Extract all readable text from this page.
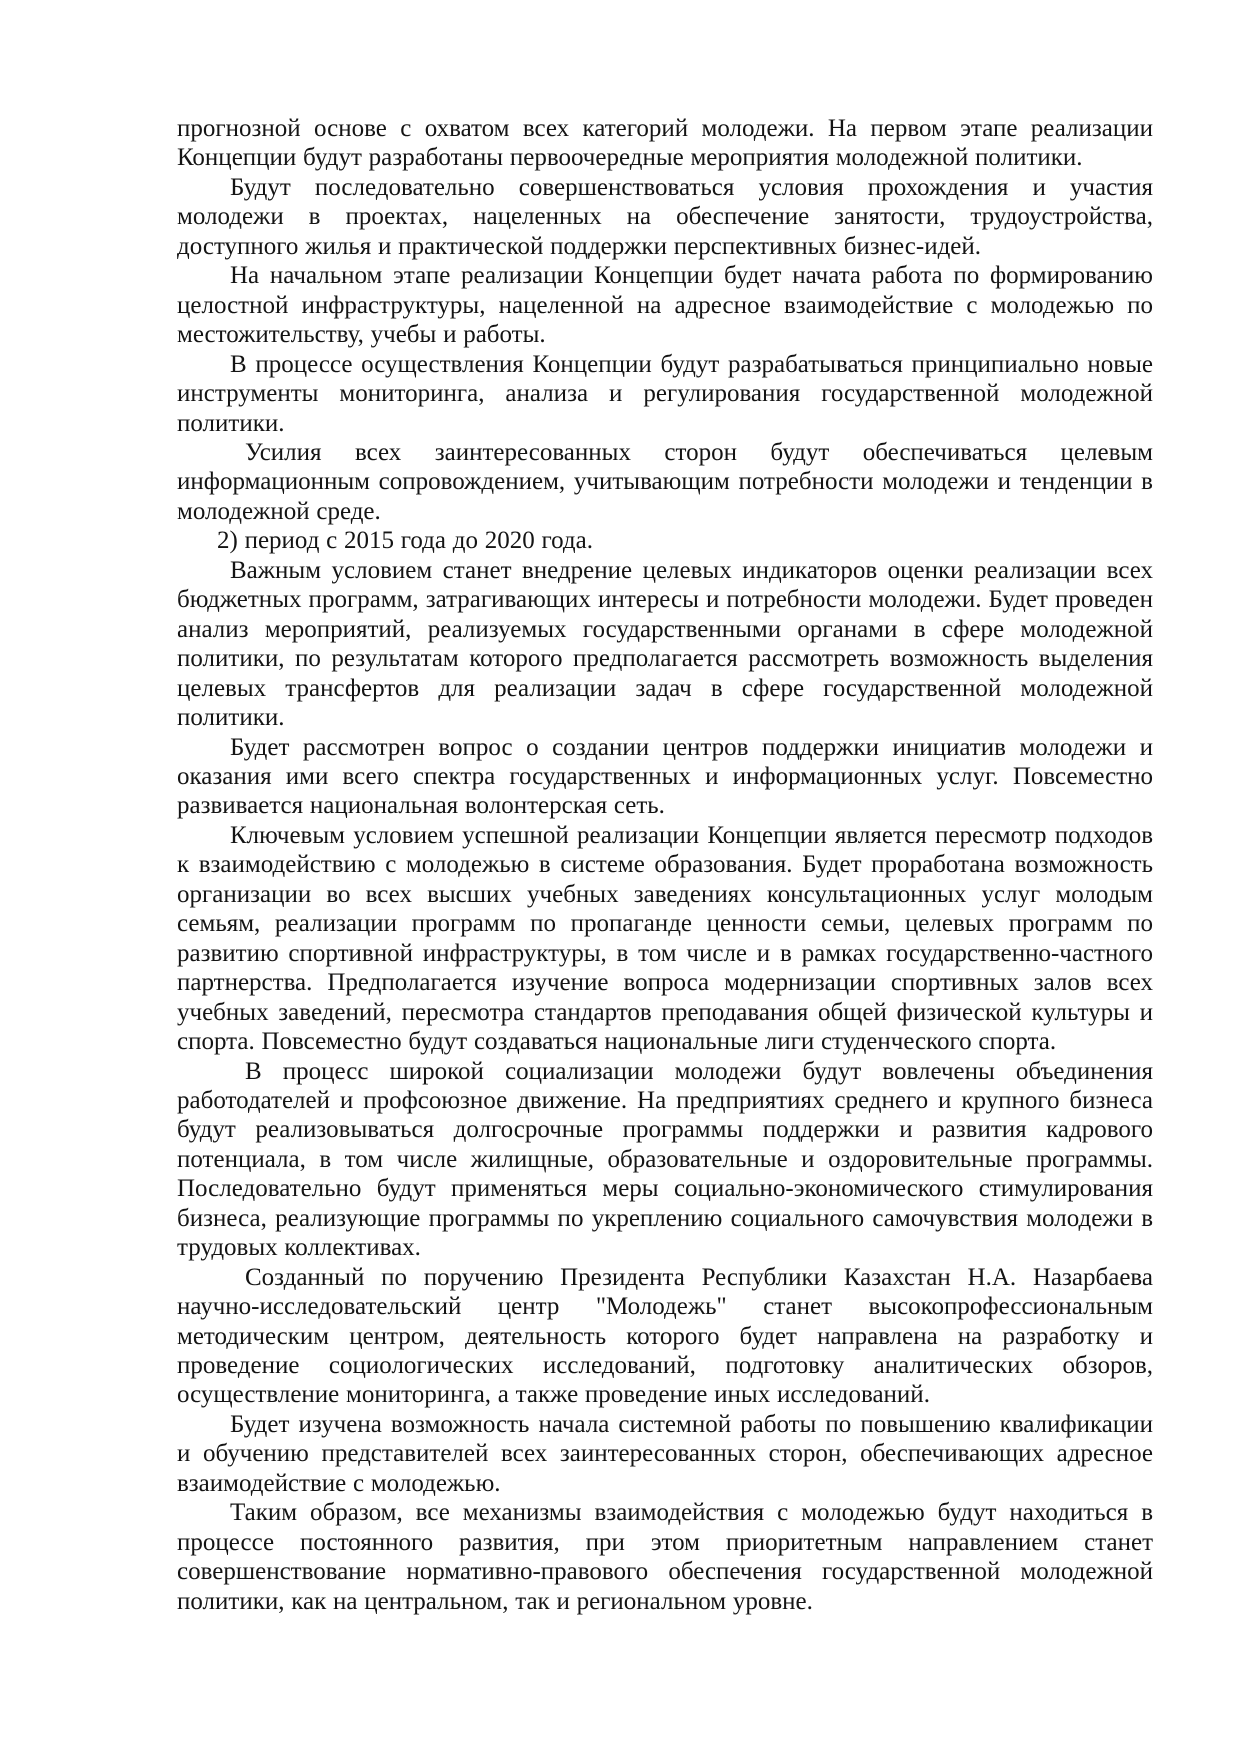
прогнозной основе с охватом всех категорий молодежи. На первом этапе реализации Концепции будут разработаны первоочередные мероприятия молодежной политики.

Будут последовательно совершенствоваться условия прохождения и участия молодежи в проектах, нацеленных на обеспечение занятости, трудоустройства, доступного жилья и практической поддержки перспективных бизнес-идей.

На начальном этапе реализации Концепции будет начата работа по формированию целостной инфраструктуры, нацеленной на адресное взаимодействие с молодежью по местожительству, учебы и работы.

В процессе осуществления Концепции будут разрабатываться принципиально новые инструменты мониторинга, анализа и регулирования государственной молодежной политики.

Усилия всех заинтересованных сторон будут обеспечиваться целевым информационным сопровождением, учитывающим потребности молодежи и тенденции в молодежной среде.

2) период с 2015 года до 2020 года.

Важным условием станет внедрение целевых индикаторов оценки реализации всех бюджетных программ, затрагивающих интересы и потребности молодежи. Будет проведен анализ мероприятий, реализуемых государственными органами в сфере молодежной политики, по результатам которого предполагается рассмотреть возможность выделения целевых трансфертов для реализации задач в сфере государственной молодежной политики.

Будет рассмотрен вопрос о создании центров поддержки инициатив молодежи и оказания ими всего спектра государственных и информационных услуг. Повсеместно развивается национальная волонтерская сеть.

Ключевым условием успешной реализации Концепции является пересмотр подходов к взаимодействию с молодежью в системе образования. Будет проработана возможность организации во всех высших учебных заведениях консультационных услуг молодым семьям, реализации программ по пропаганде ценности семьи, целевых программ по развитию спортивной инфраструктуры, в том числе и в рамках государственно-частного партнерства. Предполагается изучение вопроса модернизации спортивных залов всех учебных заведений, пересмотра стандартов преподавания общей физической культуры и спорта. Повсеместно будут создаваться национальные лиги студенческого спорта.

В процесс широкой социализации молодежи будут вовлечены объединения работодателей и профсоюзное движение. На предприятиях среднего и крупного бизнеса будут реализовываться долгосрочные программы поддержки и развития кадрового потенциала, в том числе жилищные, образовательные и оздоровительные программы. Последовательно будут применяться меры социально-экономического стимулирования бизнеса, реализующие программы по укреплению социального самочувствия молодежи в трудовых коллективах.

Созданный по поручению Президента Республики Казахстан Н.А. Назарбаева научно-исследовательский центр "Молодежь" станет высокопрофессиональным методическим центром, деятельность которого будет направлена на разработку и проведение социологических исследований, подготовку аналитических обзоров, осуществление мониторинга, а также проведение иных исследований.

Будет изучена возможность начала системной работы по повышению квалификации и обучению представителей всех заинтересованных сторон, обеспечивающих адресное взаимодействие с молодежью.

Таким образом, все механизмы взаимодействия с молодежью будут находиться в процессе постоянного развития, при этом приоритетным направлением станет совершенствование нормативно-правового обеспечения государственной молодежной политики, как на центральном, так и региональном уровне.
